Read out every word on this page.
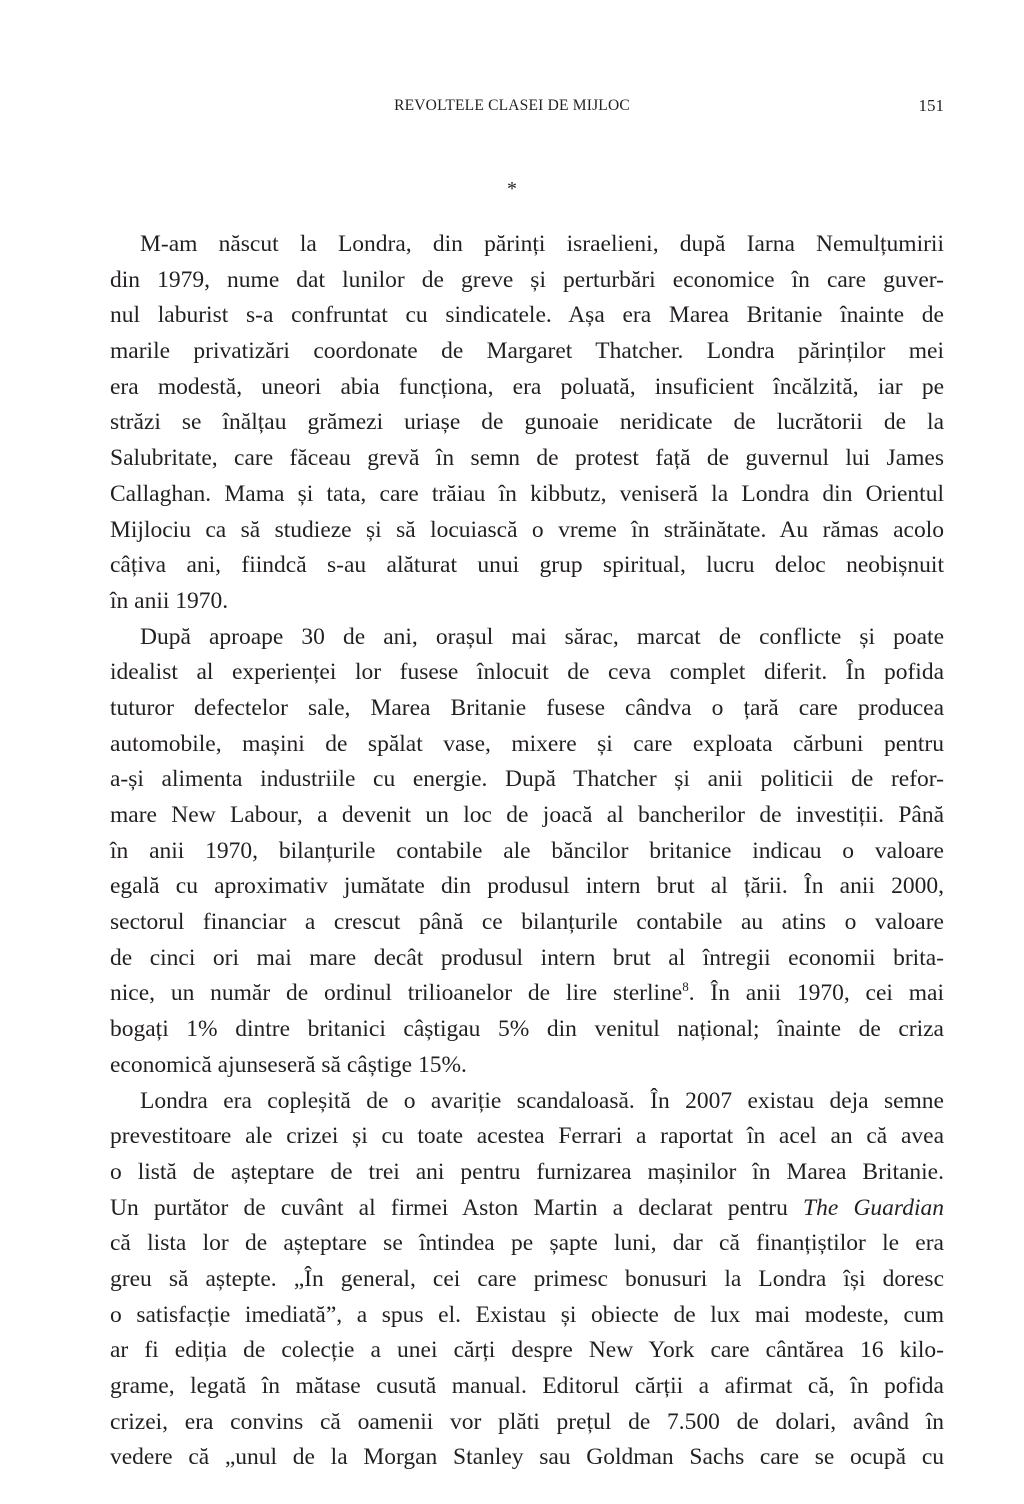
REVOLTELE CLASEI DE MIJLOC	151
*
M-am născut la Londra, din părinți israelieni, după Iarna Nemulțumirii
din 1979, nume dat lunilor de greve și perturbări economice în care guver-
nul laburist s-a confruntat cu sindicatele. Așa era Marea Britanie înainte de
marile privatizări coordonate de Margaret Thatcher. Londra părinților mei
era modestă, uneori abia funcționa, era poluată, insuficient încălzită, iar pe
străzi se înălțau grămezi uriașe de gunoaie neridicate de lucrătorii de la
Salubritate, care făceau grevă în semn de protest față de guvernul lui James
Callaghan. Mama și tata, care trăiau în kibbutz, veniseră la Londra din Orientul
Mijlociu ca să studieze și să locuiască o vreme în străinătate. Au rămas acolo
câțiva ani, fiindcă s-au alăturat unui grup spiritual, lucru deloc neobișnuit
în anii 1970.
După aproape 30 de ani, orașul mai sărac, marcat de conflicte și poate
idealist al experienței lor fusese înlocuit de ceva complet diferit. În pofida
tuturor defectelor sale, Marea Britanie fusese cândva o țară care producea
automobile, mașini de spălat vase, mixere și care exploata cărbuni pentru
a-și alimenta industriile cu energie. După Thatcher și anii politicii de refor-
mare New Labour, a devenit un loc de joacă al bancherilor de investiții. Până
în anii 1970, bilanțurile contabile ale băncilor britanice indicau o valoare
egală cu aproximativ jumătate din produsul intern brut al țării. În anii 2000,
sectorul financiar a crescut până ce bilanțurile contabile au atins o valoare
de cinci ori mai mare decât produsul intern brut al întregii economii brita-
nice, un număr de ordinul trilioanelor de lire sterline$^8$. În anii 1970, cei mai
bogați 1% dintre britanici câștigau 5% din venitul național; înainte de criza
economică ajunseseră să câștige 15%.
Londra era copleșită de o avariție scandaloasă. În 2007 existau deja semne
prevestitoare ale crizei și cu toate acestea Ferrari a raportat în acel an că avea
o listă de așteptare de trei ani pentru furnizarea mașinilor în Marea Britanie.
Un purtător de cuvânt al firmei Aston Martin a declarat pentru The Guardian
că lista lor de așteptare se întindea pe șapte luni, dar că finanțiștilor le era
greu să aștepte. „În general, cei care primesc bonusuri la Londra își doresc
o satisfacție imediată”, a spus el. Existau și obiecte de lux mai modeste, cum
ar fi ediția de colecție a unei cărți despre New York care cântărea 16 kilo-
grame, legată în mătase cusută manual. Editorul cărții a afirmat că, în pofida
crizei, era convins că oamenii vor plăti prețul de 7.500 de dolari, având în
vedere că „unul de la Morgan Stanley sau Goldman Sachs care se ocupă cu
